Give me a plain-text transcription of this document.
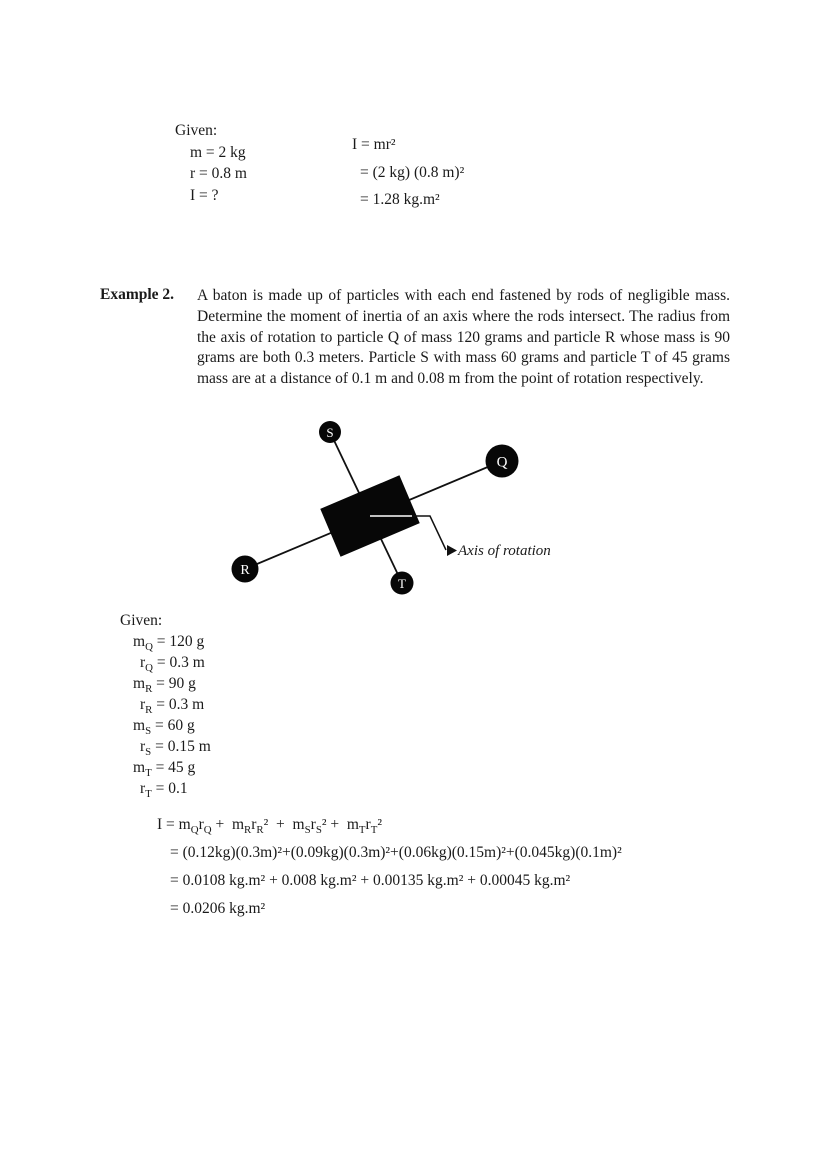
Given:
m = 2 kg
r = 0.8 m
I = ?
I = mr²
= (2 kg) (0.8 m)²
= 1.28 kg.m²
Example 2.	A baton is made up of particles with each end fastened by rods of negligible mass. Determine the moment of inertia of an axis where the rods intersect. The radius from the axis of rotation to particle Q of mass 120 grams and particle R whose mass is 90 grams are both 0.3 meters. Particle S with mass 60 grams and particle T of 45 grams mass are at a distance of 0.1 m and 0.08 m from the point of rotation respectively.
S
Q
R
T
Axis of rotation
Given:
$m_Q = 120$ g
$r_Q = 0.3$ m
$m_R = 90$ g
$r_R = 0.3$ m
$m_S = 60$ g
$r_S = 0.15$ m
$m_T = 45$ g
$r_T = 0.1$
$I = m_Qr_Q + m_Rr_R^2 + m_Sr_S^2 + m_Tr_T^2$
= (0.12kg)(0.3m)²+(0.09kg)(0.3m)²+(0.06kg)(0.15m)²+(0.045kg)(0.1m)²
= 0.0108 kg.m² + 0.008 kg.m² + 0.00135 kg.m² + 0.00045 kg.m²
= 0.0206 kg.m²
